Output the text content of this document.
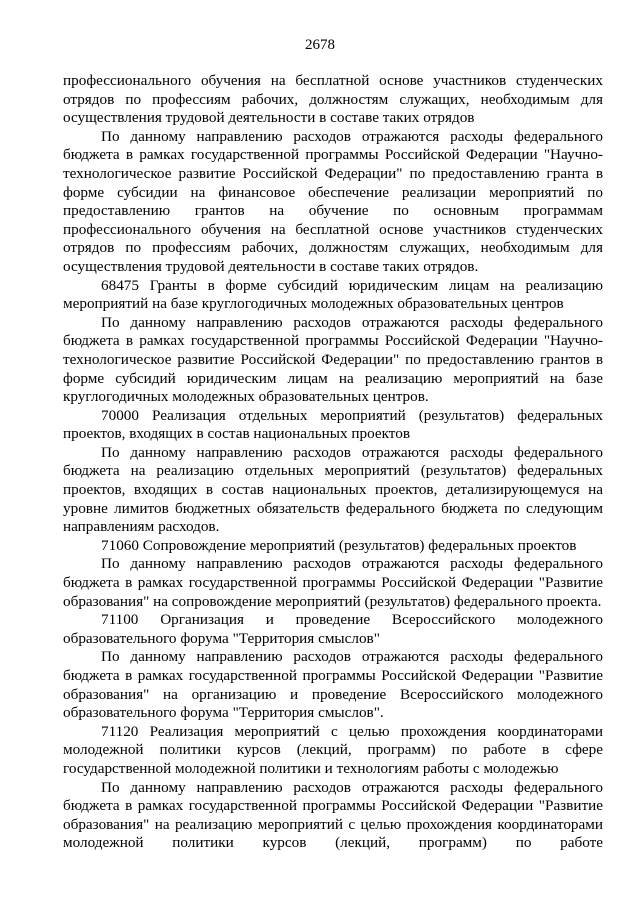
2678

профессионального обучения на бесплатной основе участников студенческих отрядов по профессиям рабочих, должностям служащих, необходимым для осуществления трудовой деятельности в составе таких отрядов

По данному направлению расходов отражаются расходы федерального бюджета в рамках государственной программы Российской Федерации "Научно-технологическое развитие Российской Федерации" по предоставлению гранта в форме субсидии на финансовое обеспечение реализации мероприятий по предоставлению грантов на обучение по основным программам профессионального обучения на бесплатной основе участников студенческих отрядов по профессиям рабочих, должностям служащих, необходимым для осуществления трудовой деятельности в составе таких отрядов.

68475 Гранты в форме субсидий юридическим лицам на реализацию мероприятий на базе круглогодичных молодежных образовательных центров

По данному направлению расходов отражаются расходы федерального бюджета в рамках государственной программы Российской Федерации "Научно-технологическое развитие Российской Федерации" по предоставлению грантов в форме субсидий юридическим лицам на реализацию мероприятий на базе круглогодичных молодежных образовательных центров.

70000 Реализация отдельных мероприятий (результатов) федеральных проектов, входящих в состав национальных проектов

По данному направлению расходов отражаются расходы федерального бюджета на реализацию отдельных мероприятий (результатов) федеральных проектов, входящих в состав национальных проектов, детализирующемуся на уровне лимитов бюджетных обязательств федерального бюджета по следующим направлениям расходов.

71060 Сопровождение мероприятий (результатов) федеральных проектов

По данному направлению расходов отражаются расходы федерального бюджета в рамках государственной программы Российской Федерации "Развитие образования" на сопровождение мероприятий (результатов) федерального проекта.

71100 Организация и проведение Всероссийского молодежного образовательного форума "Территория смыслов"

По данному направлению расходов отражаются расходы федерального бюджета в рамках государственной программы Российской Федерации "Развитие образования" на организацию и проведение Всероссийского молодежного образовательного форума "Территория смыслов".

71120 Реализация мероприятий с целью прохождения координаторами молодежной политики курсов (лекций, программ) по работе в сфере государственной молодежной политики и технологиям работы с молодежью

По данному направлению расходов отражаются расходы федерального бюджета в рамках государственной программы Российской Федерации "Развитие образования" на реализацию мероприятий с целью прохождения координаторами молодежной политики курсов (лекций, программ) по работе
